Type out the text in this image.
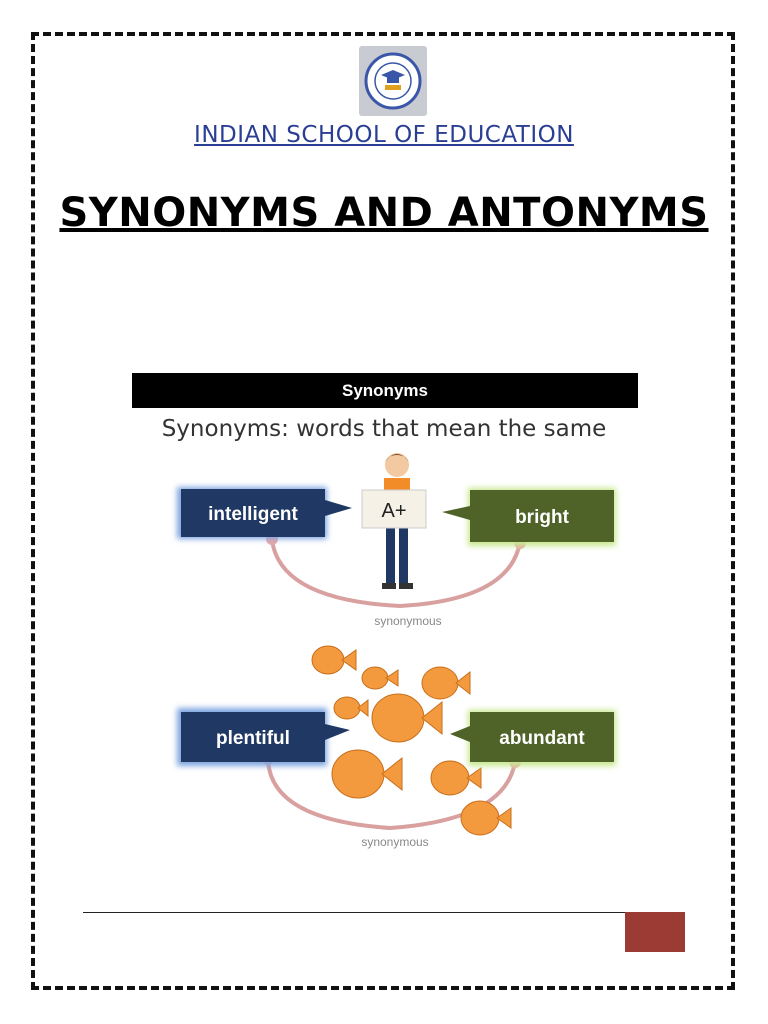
INDIAN SCHOOL OF EDUCATION
SYNONYMS AND ANTONYMS
Synonyms
Synonyms: words that mean the same
intelligent	bright
A+
synonymous
plentiful	abundant
synonymous
